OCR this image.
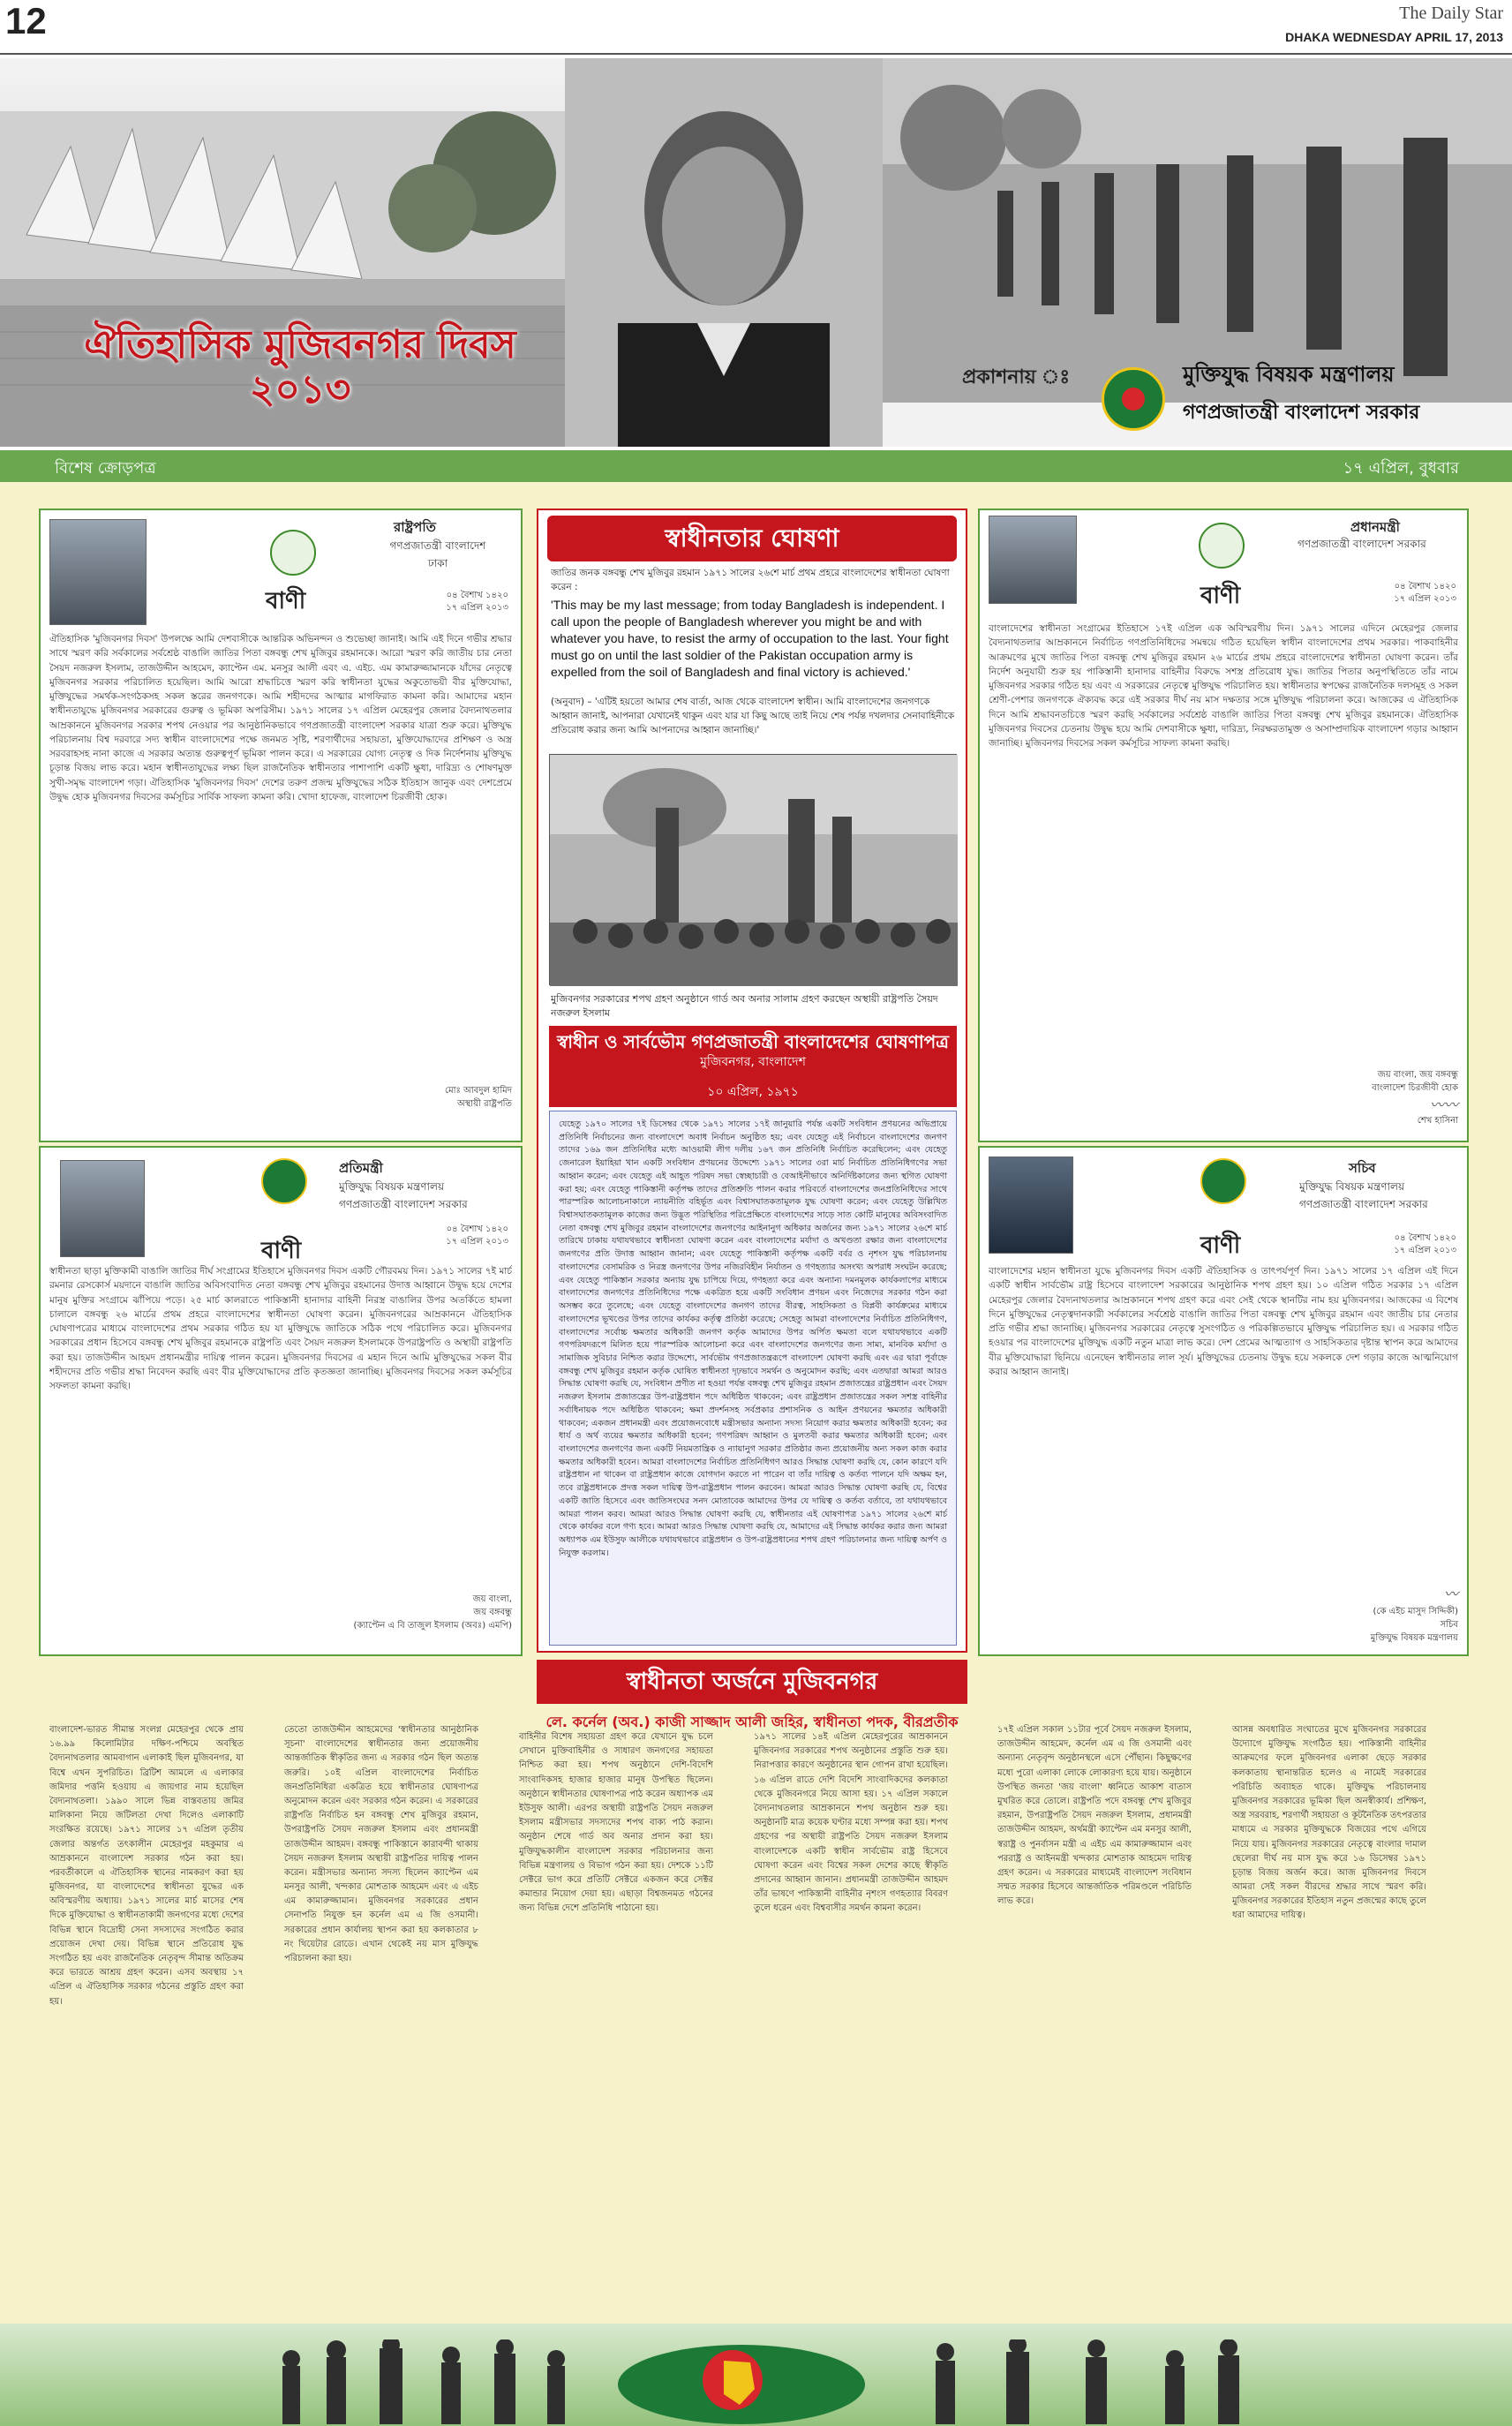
12	The Daily Star
DHAKA WEDNESDAY APRIL 17, 2013
ঐতিহাসিক মুজিবনগর দিবস
২০১৩	প্রকাশনায় ঃ	মুক্তিযুদ্ধ বিষয়ক মন্ত্রণালয়
গণপ্রজাতন্ত্রী বাংলাদেশ সরকার
বিশেষ ক্রোড়পত্র	১৭ এপ্রিল, বুধবার
রাষ্ট্রপতি
গণপ্রজাতন্ত্রী বাংলাদেশ
ঢাকা
বাণী	০৪ বৈশাখ ১৪২০
১৭ এপ্রিল ২০১৩
ঐতিহাসিক 'মুজিবনগর দিবস' উপলক্ষে আমি দেশবাসীকে আন্তরিক অভিনন্দন ও শুভেচ্ছা জানাই। আমি এই দিনে গভীর শ্রদ্ধার সাথে স্মরণ করি সর্বকালের সর্বশ্রেষ্ঠ বাঙালি জাতির পিতা বঙ্গবন্ধু শেখ মুজিবুর রহমানকে। আরো স্মরণ করি জাতীয় চার নেতা সৈয়দ নজরুল ইসলাম, তাজউদ্দীন আহমেদ, ক্যাপ্টেন এম. মনসুর আলী এবং এ. এইচ. এম কামারুজ্জামানকে যাঁদের নেতৃত্বে মুজিবনগর সরকার পরিচালিত হয়েছিল। আমি আরো শ্রদ্ধাচিত্তে স্মরণ করি স্বাধীনতা যুদ্ধের অকুতোভয়ী বীর মুক্তিযোদ্ধা, মুক্তিযুদ্ধের সমর্থক-সংগঠকসহ সকল স্তরের জনগণকে। আমি শহীদদের আত্মার মাগফিরাত কামনা করি। আমাদের মহান স্বাধীনতাযুদ্ধে মুজিবনগর সরকারের গুরুত্ব ও ভূমিকা অপরিসীম। ১৯৭১ সালের ১৭ এপ্রিল মেহেরপুর জেলার বৈদ্যনাথতলার আম্রকাননে মুজিবনগর সরকার শপথ নেওয়ার পর আনুষ্ঠানিকভাবে গণপ্রজাতন্ত্রী বাংলাদেশ সরকার যাত্রা শুরু করে। মুক্তিযুদ্ধ পরিচালনায় বিশ্ব দরবারে সদ্য স্বাধীন বাংলাদেশের পক্ষে জনমত সৃষ্টি, শরণার্থীদের সহায়তা, মুক্তিযোদ্ধাদের প্রশিক্ষণ ও অস্ত্র সরবরাহসহ নানা কাজে এ সরকার অত্যন্ত গুরুত্বপূর্ণ ভূমিকা পালন করে। এ সরকারের যোগ্য নেতৃত্ব ও দিক নির্দেশনায় মুক্তিযুদ্ধ চূড়ান্ত বিজয় লাভ করে। মহান স্বাধীনতাযুদ্ধের লক্ষ্য ছিল রাজনৈতিক স্বাধীনতার পাশাপাশি একটি ক্ষুধা, দারিদ্র্য ও শোষণমুক্ত সুখী-সমৃদ্ধ বাংলাদেশ গড়া। ঐতিহাসিক 'মুজিবনগর দিবস' দেশের তরুণ প্রজন্ম মুক্তিযুদ্ধের সঠিক ইতিহাস জানুক এবং দেশপ্রেমে উদ্বুদ্ধ হোক মুজিবনগর দিবসের কর্মসূচির সার্বিক সাফল্য কামনা করি। খোদা হাফেজ, বাংলাদেশ চিরজীবী হোক।
মোঃ আবদুল হামিদ
অস্থায়ী রাষ্ট্রপতি
প্রধানমন্ত্রী
গণপ্রজাতন্ত্রী বাংলাদেশ সরকার
বাণী	০৪ বৈশাখ ১৪২০
১৭ এপ্রিল ২০১৩
বাংলাদেশের স্বাধীনতা সংগ্রামের ইতিহাসে ১৭ই এপ্রিল এক অবিস্মরণীয় দিন। ১৯৭১ সালের এদিনে মেহেরপুর জেলার বৈদ্যনাথতলার আম্রকাননে নির্বাচিত গণপ্রতিনিধিদের সমন্বয়ে গঠিত হয়েছিল স্বাধীন বাংলাদেশের প্রথম সরকার। পাকবাহিনীর আক্রমণের মুখে জাতির পিতা বঙ্গবন্ধু শেখ মুজিবুর রহমান ২৬ মার্চের প্রথম প্রহরে বাংলাদেশের স্বাধীনতা ঘোষণা করেন। তাঁর নির্দেশ অনুযায়ী শুরু হয় পাকিস্তানী হানাদার বাহিনীর বিরুদ্ধে সশস্ত্র প্রতিরোধ যুদ্ধ। জাতির পিতার অনুপস্থিতিতে তাঁর নামে মুজিবনগর সরকার গঠিত হয় এবং এ সরকারের নেতৃত্বে মুক্তিযুদ্ধ পরিচালিত হয়। স্বাধীনতার স্বপক্ষের রাজনৈতিক দলসমূহ ও সকল শ্রেণী-পেশার জনগণকে ঐক্যবদ্ধ করে এই সরকার দীর্ঘ নয় মাস দক্ষতার সঙ্গে মুক্তিযুদ্ধ পরিচালনা করে। আজকের এ ঐতিহাসিক দিনে আমি শ্রদ্ধাবনতচিত্তে স্মরণ করছি সর্বকালের সর্বশ্রেষ্ঠ বাঙালি জাতির পিতা বঙ্গবন্ধু শেখ মুজিবুর রহমানকে। ঐতিহাসিক মুজিবনগর দিবসের চেতনায় উদ্বুদ্ধ হয়ে আমি দেশবাসীকে ক্ষুধা, দারিদ্র্য, নিরক্ষরতামুক্ত ও অসাম্প্রদায়িক বাংলাদেশ গড়ার আহ্বান জানাচ্ছি। মুজিবনগর দিবসের সকল কর্মসূচির সাফল্য কামনা করছি।
জয় বাংলা, জয় বঙ্গবন্ধু
বাংলাদেশ চিরজীবী হোক
〰〰
শেখ হাসিনা
প্রতিমন্ত্রী
মুক্তিযুদ্ধ বিষয়ক মন্ত্রণালয়
গণপ্রজাতন্ত্রী বাংলাদেশ সরকার
বাণী
০৪ বৈশাখ ১৪২০
১৭ এপ্রিল ২০১৩
স্বাধীনতা ছাড়া মুক্তিকামী বাঙালি জাতির দীর্ঘ সংগ্রামের ইতিহাসে মুজিবনগর দিবস একটি গৌরবময় দিন। ১৯৭১ সালের ৭ই মার্চ রমনার রেসকোর্স ময়দানে বাঙালি জাতির অবিসংবাদিত নেতা বঙ্গবন্ধু শেখ মুজিবুর রহমানের উদাত্ত আহ্বানে উদ্বুদ্ধ হয়ে দেশের মানুষ মুক্তির সংগ্রামে ঝাঁপিয়ে পড়ে। ২৫ মার্চ কালরাতে পাকিস্তানী হানাদার বাহিনী নিরস্ত্র বাঙালির উপর অতর্কিতে হামলা চালালে বঙ্গবন্ধু ২৬ মার্চের প্রথম প্রহরে বাংলাদেশের স্বাধীনতা ঘোষণা করেন। মুজিবনগরের আম্রকাননে ঐতিহাসিক ঘোষণাপত্রের মাধ্যমে বাংলাদেশের প্রথম সরকার গঠিত হয় যা মুক্তিযুদ্ধে জাতিকে সঠিক পথে পরিচালিত করে। মুজিবনগর সরকারের প্রধান হিসেবে বঙ্গবন্ধু শেখ মুজিবুর রহমানকে রাষ্ট্রপতি এবং সৈয়দ নজরুল ইসলামকে উপরাষ্ট্রপতি ও অস্থায়ী রাষ্ট্রপতি করা হয়। তাজউদ্দীন আহমদ প্রধানমন্ত্রীর দায়িত্ব পালন করেন। মুজিবনগর দিবসের এ মহান দিনে আমি মুক্তিযুদ্ধের সকল বীর শহীদদের প্রতি গভীর শ্রদ্ধা নিবেদন করছি এবং বীর মুক্তিযোদ্ধাদের প্রতি কৃতজ্ঞতা জানাচ্ছি। মুজিবনগর দিবসের সকল কর্মসূচির সফলতা কামনা করছি।
জয় বাংলা,
জয় বঙ্গবন্ধু
(ক্যাপ্টেন এ বি তাজুল ইসলাম (অবঃ) এমপি)
সচিব
মুক্তিযুদ্ধ বিষয়ক মন্ত্রণালয়
গণপ্রজাতন্ত্রী বাংলাদেশ সরকার
বাণী	০৪ বৈশাখ ১৪২০
১৭ এপ্রিল ২০১৩
বাংলাদেশের মহান স্বাধীনতা যুদ্ধে মুজিবনগর দিবস একটি ঐতিহাসিক ও তাৎপর্যপূর্ণ দিন। ১৯৭১ সালের ১৭ এপ্রিল এই দিনে একটি স্বাধীন সার্বভৌম রাষ্ট্র হিসেবে বাংলাদেশ সরকারের আনুষ্ঠানিক শপথ গ্রহণ হয়। ১০ এপ্রিল গঠিত সরকার ১৭ এপ্রিল মেহেরপুর জেলার বৈদ্যনাথতলার আম্রকাননে শপথ গ্রহণ করে এবং সেই থেকে স্থানটির নাম হয় মুজিবনগর। আজকের এ বিশেষ দিনে মুক্তিযুদ্ধের নেতৃত্বদানকারী সর্বকালের সর্বশ্রেষ্ঠ বাঙালি জাতির পিতা বঙ্গবন্ধু শেখ মুজিবুর রহমান এবং জাতীয় চার নেতার প্রতি গভীর শ্রদ্ধা জানাচ্ছি। মুজিবনগর সরকারের নেতৃত্বে সুসংগঠিত ও পরিকল্পিতভাবে মুক্তিযুদ্ধ পরিচালিত হয়। এ সরকার গঠিত হওয়ার পর বাংলাদেশের মুক্তিযুদ্ধ একটি নতুন মাত্রা লাভ করে। দেশ প্রেমের আত্মত্যাগ ও সাহসিকতার দৃষ্টান্ত স্থাপন করে আমাদের বীর মুক্তিযোদ্ধারা ছিনিয়ে এনেছেন স্বাধীনতার লাল সূর্য। মুক্তিযুদ্ধের চেতনায় উদ্বুদ্ধ হয়ে সকলকে দেশ গড়ার কাজে আত্মনিয়োগ করার আহ্বান জানাই।
〰
(কে এইচ মাসুদ সিদ্দিকী)
সচিব
মুক্তিযুদ্ধ বিষয়ক মন্ত্রণালয়
স্বাধীনতার ঘোষণা
জাতির জনক বঙ্গবন্ধু শেখ মুজিবুর রহমান ১৯৭১ সালের ২৬শে মার্চ প্রথম প্রহরে বাংলাদেশের স্বাধীনতা ঘোষণা করেন :
'This may be my last message; from today Bangladesh is independent. I call upon the people of Bangladesh wherever you might be and with whatever you have, to resist the army of occupation to the last. Your fight must go on until the last soldier of the Pakistan occupation army is expelled from the soil of Bangladesh and final victory is achieved.'
(অনুবাদ) – 'এটিই হয়তো আমার শেষ বার্তা, আজ থেকে বাংলাদেশ স্বাধীন। আমি বাংলাদেশের জনগণকে আহ্বান জানাই, আপনারা যেখানেই থাকুন এবং যার যা কিছু আছে তাই নিয়ে শেষ পর্যন্ত দখলদার সেনাবাহিনীকে প্রতিরোধ করার জন্য আমি আপনাদের আহ্বান জানাচ্ছি।'
মুজিবনগর সরকারের শপথ গ্রহণ অনুষ্ঠানে গার্ড অব অনার সালাম গ্রহণ করছেন অস্থায়ী রাষ্ট্রপতি সৈয়দ নজরুল ইসলাম
স্বাধীন ও সার্বভৌম গণপ্রজাতন্ত্রী বাংলাদেশের ঘোষণাপত্র
মুজিবনগর, বাংলাদেশ
১০ এপ্রিল, ১৯৭১
যেহেতু ১৯৭০ সালের ৭ই ডিসেম্বর থেকে ১৯৭১ সালের ১৭ই জানুয়ারি পর্যন্ত একটি সংবিধান প্রণয়নের অভিপ্রায়ে প্রতিনিধি নির্বাচনের জন্য বাংলাদেশে অবাধ নির্বাচন অনুষ্ঠিত হয়; এবং যেহেতু এই নির্বাচনে বাংলাদেশের জনগণ তাদের ১৬৯ জন প্রতিনিধির মধ্যে আওয়ামী লীগ দলীয় ১৬৭ জন প্রতিনিধি নির্বাচিত করেছিলেন; এবং যেহেতু জেনারেল ইয়াহিয়া খান একটি সংবিধান প্রণয়নের উদ্দেশ্যে ১৯৭১ সালের ৩রা মার্চ নির্বাচিত প্রতিনিধিগণের সভা আহ্বান করেন; এবং যেহেতু এই আহূত পরিষদ সভা স্বেচ্ছাচারী ও বেআইনীভাবে অনির্দিষ্টকালের জন্য স্থগিত ঘোষণা করা হয়; এবং যেহেতু পাকিস্তানী কর্তৃপক্ষ তাদের প্রতিশ্রুতি পালন করার পরিবর্তে বাংলাদেশের জনপ্রতিনিধিদের সাথে পারস্পরিক আলোচনাকালে ন্যায়নীতি বহির্ভূত এবং বিশ্বাসঘাতকতামূলক যুদ্ধ ঘোষণা করেন; এবং যেহেতু উল্লিখিত বিশ্বাসঘাতকতামূলক কাজের জন্য উদ্ভূত পরিস্থিতির পরিপ্রেক্ষিতে বাংলাদেশের সাড়ে সাত কোটি মানুষের অবিসংবাদিত নেতা বঙ্গবন্ধু শেখ মুজিবুর রহমান বাংলাদেশের জনগণের আইনানুগ অধিকার অর্জনের জন্য ১৯৭১ সালের ২৬শে মার্চ তারিখে ঢাকায় যথাযথভাবে স্বাধীনতা ঘোষণা করেন এবং বাংলাদেশের মর্যাদা ও অখণ্ডতা রক্ষার জন্য বাংলাদেশের জনগণের প্রতি উদাত্ত আহ্বান জানান; এবং যেহেতু পাকিস্তানী কর্তৃপক্ষ একটি বর্বর ও নৃশংস যুদ্ধ পরিচালনায় বাংলাদেশের বেসামরিক ও নিরস্ত্র জনগণের উপর নজিরবিহীন নির্যাতন ও গণহত্যার অসংখ্য অপরাধ সংঘটন করেছে; এবং যেহেতু পাকিস্তান সরকার অন্যায় যুদ্ধ চাপিয়ে দিয়ে, গণহত্যা করে এবং অন্যান্য দমনমূলক কার্যকলাপের মাধ্যমে বাংলাদেশের জনগণের প্রতিনিধিদের পক্ষে একত্রিত হয়ে একটি সংবিধান প্রণয়ন এবং নিজেদের সরকার গঠন করা অসম্ভব করে তুলেছে; এবং যেহেতু বাংলাদেশের জনগণ তাদের বীরত্ব, সাহসিকতা ও বিপ্লবী কার্যক্রমের মাধ্যমে বাংলাদেশের ভূখণ্ডের উপর তাদের কার্যকর কর্তৃত্ব প্রতিষ্ঠা করেছে; সেহেতু আমরা বাংলাদেশের নির্বাচিত প্রতিনিধিগণ, বাংলাদেশের সর্বোচ্চ ক্ষমতার অধিকারী জনগণ কর্তৃক আমাদের উপর অর্পিত ক্ষমতা বলে যথাযথভাবে একটি গণপরিষদরূপে মিলিত হয়ে পারস্পরিক আলোচনা করে এবং বাংলাদেশের জনগণের জন্য সাম্য, মানবিক মর্যাদা ও সামাজিক সুবিচার নিশ্চিত করার উদ্দেশ্যে, সার্বভৌম গণপ্রজাতন্ত্ররূপে বাংলাদেশ ঘোষণা করছি এবং এর দ্বারা পূর্বাহ্নে বঙ্গবন্ধু শেখ মুজিবুর রহমান কর্তৃক ঘোষিত স্বাধীনতা দৃঢ়ভাবে সমর্থন ও অনুমোদন করছি; এবং এতদ্বারা আমরা আরও সিদ্ধান্ত ঘোষণা করছি যে, সংবিধান প্রণীত না হওয়া পর্যন্ত বঙ্গবন্ধু শেখ মুজিবুর রহমান প্রজাতন্ত্রের রাষ্ট্রপ্রধান এবং সৈয়দ নজরুল ইসলাম প্রজাতন্ত্রের উপ-রাষ্ট্রপ্রধান পদে অধিষ্ঠিত থাকবেন; এবং রাষ্ট্রপ্রধান প্রজাতন্ত্রের সকল সশস্ত্র বাহিনীর সর্বাধিনায়ক পদে অধিষ্ঠিত থাকবেন; ক্ষমা প্রদর্শনসহ সর্বপ্রকার প্রশাসনিক ও আইন প্রণয়নের ক্ষমতার অধিকারী থাকবেন; একজন প্রধানমন্ত্রী এবং প্রয়োজনবোধে মন্ত্রীসভার অন্যান্য সদস্য নিয়োগ করার ক্ষমতার অধিকারী হবেন; কর ধার্য ও অর্থ ব্যয়ের ক্ষমতার অধিকারী হবেন; গণপরিষদ আহ্বান ও মুলতবী করার ক্ষমতার অধিকারী হবেন; এবং বাংলাদেশের জনগণের জন্য একটি নিয়মতান্ত্রিক ও ন্যায়ানুগ সরকার প্রতিষ্ঠার জন্য প্রয়োজনীয় অন্য সকল কাজ করার ক্ষমতার অধিকারী হবেন। আমরা বাংলাদেশের নির্বাচিত প্রতিনিধিগণ আরও সিদ্ধান্ত ঘোষণা করছি যে, কোন কারণে যদি রাষ্ট্রপ্রধান না থাকেন বা রাষ্ট্রপ্রধান কাজে যোগদান করতে না পারেন বা তাঁর দায়িত্ব ও কর্তব্য পালনে যদি অক্ষম হন, তবে রাষ্ট্রপ্রধানকে প্রদত্ত সকল দায়িত্ব উপ-রাষ্ট্রপ্রধান পালন করবেন। আমরা আরও সিদ্ধান্ত ঘোষণা করছি যে, বিশ্বের একটি জাতি হিসেবে এবং জাতিসংঘের সনদ মোতাবেক আমাদের উপর যে দায়িত্ব ও কর্তব্য বর্তাবে, তা যথাযথভাবে আমরা পালন করব। আমরা আরও সিদ্ধান্ত ঘোষণা করছি যে, স্বাধীনতার এই ঘোষণাপত্র ১৯৭১ সালের ২৬শে মার্চ থেকে কার্যকর বলে গণ্য হবে। আমরা আরও সিদ্ধান্ত ঘোষণা করছি যে, আমাদের এই সিদ্ধান্ত কার্যকর করার জন্য আমরা অধ্যাপক এম ইউসুফ আলীকে যথাযথভাবে রাষ্ট্রপ্রধান ও উপ-রাষ্ট্রপ্রধানের শপথ গ্রহণ পরিচালনার জন্য দায়িত্ব অর্পণ ও নিযুক্ত করলাম।
স্বাধীনতা অর্জনে মুজিবনগর
লে. কর্নেল (অব.) কাজী সাজ্জাদ আলী জহির, স্বাধীনতা পদক, বীরপ্রতীক
বাংলাদেশ-ভারত সীমান্ত সংলগ্ন মেহেরপুর থেকে প্রায় ১৬.৯৯ কিলোমিটার দক্ষিণ-পশ্চিমে অবস্থিত বৈদ্যনাথতলার আমবাগান এলাকাই ছিল মুজিবনগর, যা বিশ্বে এখন সুপরিচিত। ব্রিটিশ আমলে এ এলাকার জমিদার পত্তনি হওয়ায় এ জায়গার নাম হয়েছিল বৈদ্যনাথতলা। ১৯৯০ সালে ভিন্ন বাস্তবতায় জমির মালিকানা নিয়ে জটিলতা দেখা দিলেও এলাকাটি সংরক্ষিত রয়েছে। ১৯৭১ সালের ১৭ এপ্রিল তৃতীয় জেলার অন্তর্গত তৎকালীন মেহেরপুর মহকুমার এ আম্রকাননে বাংলাদেশ সরকার গঠন করা হয়। পরবর্তীকালে এ ঐতিহাসিক স্থানের নামকরণ করা হয় মুজিবনগর, যা বাংলাদেশের স্বাধীনতা যুদ্ধের এক অবিস্মরণীয় অধ্যায়। ১৯৭১ সালের মার্চ মাসের শেষ দিকে মুক্তিযোদ্ধা ও স্বাধীনতাকামী জনগণের মধ্যে দেশের বিভিন্ন স্থানে বিদ্রোহী সেনা সদস্যদের সংগঠিত করার প্রয়োজন দেখা দেয়। বিভিন্ন স্থানে প্রতিরোধ যুদ্ধ সংগঠিত হয় এবং রাজনৈতিক নেতৃবৃন্দ সীমান্ত অতিক্রম করে ভারতে আশ্রয় গ্রহণ করেন। এসব অবস্থায় ১৭ এপ্রিল এ ঐতিহাসিক সরকার গঠনের প্রস্তুতি গ্রহণ করা হয়।
তেতো তাজউদ্দীন আহমেদের 'স্বাধীনতার আনুষ্ঠানিক সূচনা' বাংলাদেশের স্বাধীনতার জন্য প্রয়োজনীয় আন্তর্জাতিক স্বীকৃতির জন্য এ সরকার গঠন ছিল অত্যন্ত জরুরি। ১০ই এপ্রিল বাংলাদেশের নির্বাচিত জনপ্রতিনিধিরা একত্রিত হয়ে স্বাধীনতার ঘোষণাপত্র অনুমোদন করেন এবং সরকার গঠন করেন। এ সরকারের রাষ্ট্রপতি নির্বাচিত হন বঙ্গবন্ধু শেখ মুজিবুর রহমান, উপরাষ্ট্রপতি সৈয়দ নজরুল ইসলাম এবং প্রধানমন্ত্রী তাজউদ্দীন আহমদ। বঙ্গবন্ধু পাকিস্তানে কারাবন্দী থাকায় সৈয়দ নজরুল ইসলাম অস্থায়ী রাষ্ট্রপতির দায়িত্ব পালন করেন। মন্ত্রীসভার অন্যান্য সদস্য ছিলেন ক্যাপ্টেন এম মনসুর আলী, খন্দকার মোশতাক আহমেদ এবং এ এইচ এম কামারুজ্জামান। মুজিবনগর সরকারের প্রধান সেনাপতি নিযুক্ত হন কর্নেল এম এ জি ওসমানী। সরকারের প্রধান কার্যালয় স্থাপন করা হয় কলকাতার ৮ নং থিয়েটার রোডে। এখান থেকেই নয় মাস মুক্তিযুদ্ধ পরিচালনা করা হয়।
বাহিনীর বিশেষ সহায়তা গ্রহণ করে যেখানে যুদ্ধ চলে সেখানে মুক্তিবাহিনীর ও সাধারণ জনগণের সহায়তা নিশ্চিত করা হয়। শপথ অনুষ্ঠানে দেশি-বিদেশি সাংবাদিকসহ হাজার হাজার মানুষ উপস্থিত ছিলেন। অনুষ্ঠানে স্বাধীনতার ঘোষণাপত্র পাঠ করেন অধ্যাপক এম ইউসুফ আলী। এরপর অস্থায়ী রাষ্ট্রপতি সৈয়দ নজরুল ইসলাম মন্ত্রীসভার সদস্যদের শপথ বাক্য পাঠ করান। অনুষ্ঠান শেষে গার্ড অব অনার প্রদান করা হয়। মুক্তিযুদ্ধকালীন বাংলাদেশ সরকার পরিচালনার জন্য বিভিন্ন মন্ত্রণালয় ও বিভাগ গঠন করা হয়। দেশকে ১১টি সেক্টরে ভাগ করে প্রতিটি সেক্টরে একজন করে সেক্টর কমান্ডার নিয়োগ দেয়া হয়। এছাড়া বিশ্বজনমত গঠনের জন্য বিভিন্ন দেশে প্রতিনিধি পাঠানো হয়।
১৯৭১ সালের ১৪ই এপ্রিল মেহেরপুরের আম্রকাননে মুজিবনগর সরকারের শপথ অনুষ্ঠানের প্রস্তুতি শুরু হয়। নিরাপত্তার কারণে অনুষ্ঠানের স্থান গোপন রাখা হয়েছিল। ১৬ এপ্রিল রাতে দেশি বিদেশি সাংবাদিকদের কলকাতা থেকে মুজিবনগরে নিয়ে আসা হয়। ১৭ এপ্রিল সকালে বৈদ্যনাথতলার আম্রকাননে শপথ অনুষ্ঠান শুরু হয়। অনুষ্ঠানটি মাত্র কয়েক ঘণ্টার মধ্যে সম্পন্ন করা হয়। শপথ গ্রহণের পর অস্থায়ী রাষ্ট্রপতি সৈয়দ নজরুল ইসলাম বাংলাদেশকে একটি স্বাধীন সার্বভৌম রাষ্ট্র হিসেবে ঘোষণা করেন এবং বিশ্বের সকল দেশের কাছে স্বীকৃতি প্রদানের আহ্বান জানান। প্রধানমন্ত্রী তাজউদ্দীন আহমদ তাঁর ভাষণে পাকিস্তানী বাহিনীর নৃশংস গণহত্যার বিবরণ তুলে ধরেন এবং বিশ্ববাসীর সমর্থন কামনা করেন।
১৭ই এপ্রিল সকাল ১১টার পূর্বে সৈয়দ নজরুল ইসলাম, তাজউদ্দীন আহমেদ, কর্নেল এম এ জি ওসমানী এবং অন্যান্য নেতৃবৃন্দ অনুষ্ঠানস্থলে এসে পৌঁছান। কিছুক্ষণের মধ্যে পুরো এলাকা লোকে লোকারণ্য হয়ে যায়। অনুষ্ঠানে উপস্থিত জনতা 'জয় বাংলা' ধ্বনিতে আকাশ বাতাস মুখরিত করে তোলে। রাষ্ট্রপতি পদে বঙ্গবন্ধু শেখ মুজিবুর রহমান, উপরাষ্ট্রপতি সৈয়দ নজরুল ইসলাম, প্রধানমন্ত্রী তাজউদ্দীন আহমদ, অর্থমন্ত্রী ক্যাপ্টেন এম মনসুর আলী, স্বরাষ্ট্র ও পুনর্বাসন মন্ত্রী এ এইচ এম কামারুজ্জামান এবং পররাষ্ট্র ও আইনমন্ত্রী খন্দকার মোশতাক আহমেদ দায়িত্ব গ্রহণ করেন। এ সরকারের মাধ্যমেই বাংলাদেশ সংবিধান সম্মত সরকার হিসেবে আন্তর্জাতিক পরিমণ্ডলে পরিচিতি লাভ করে।
আসন্ন অবধারিত সংঘাতের মুখে মুজিবনগর সরকারের উদ্যোগে মুক্তিযুদ্ধ সংগঠিত হয়। পাকিস্তানী বাহিনীর আক্রমণের ফলে মুজিবনগর এলাকা ছেড়ে সরকার কলকাতায় স্থানান্তরিত হলেও এ নামেই সরকারের পরিচিতি অব্যাহত থাকে। মুক্তিযুদ্ধ পরিচালনায় মুজিবনগর সরকারের ভূমিকা ছিল অনস্বীকার্য। প্রশিক্ষণ, অস্ত্র সরবরাহ, শরণার্থী সহায়তা ও কূটনৈতিক তৎপরতার মাধ্যমে এ সরকার মুক্তিযুদ্ধকে বিজয়ের পথে এগিয়ে নিয়ে যায়। মুজিবনগর সরকারের নেতৃত্বে বাংলার দামাল ছেলেরা দীর্ঘ নয় মাস যুদ্ধ করে ১৬ ডিসেম্বর ১৯৭১ চূড়ান্ত বিজয় অর্জন করে। আজ মুজিবনগর দিবসে আমরা সেই সকল বীরদের শ্রদ্ধার সাথে স্মরণ করি। মুজিবনগর সরকারের ইতিহাস নতুন প্রজন্মের কাছে তুলে ধরা আমাদের দায়িত্ব।
